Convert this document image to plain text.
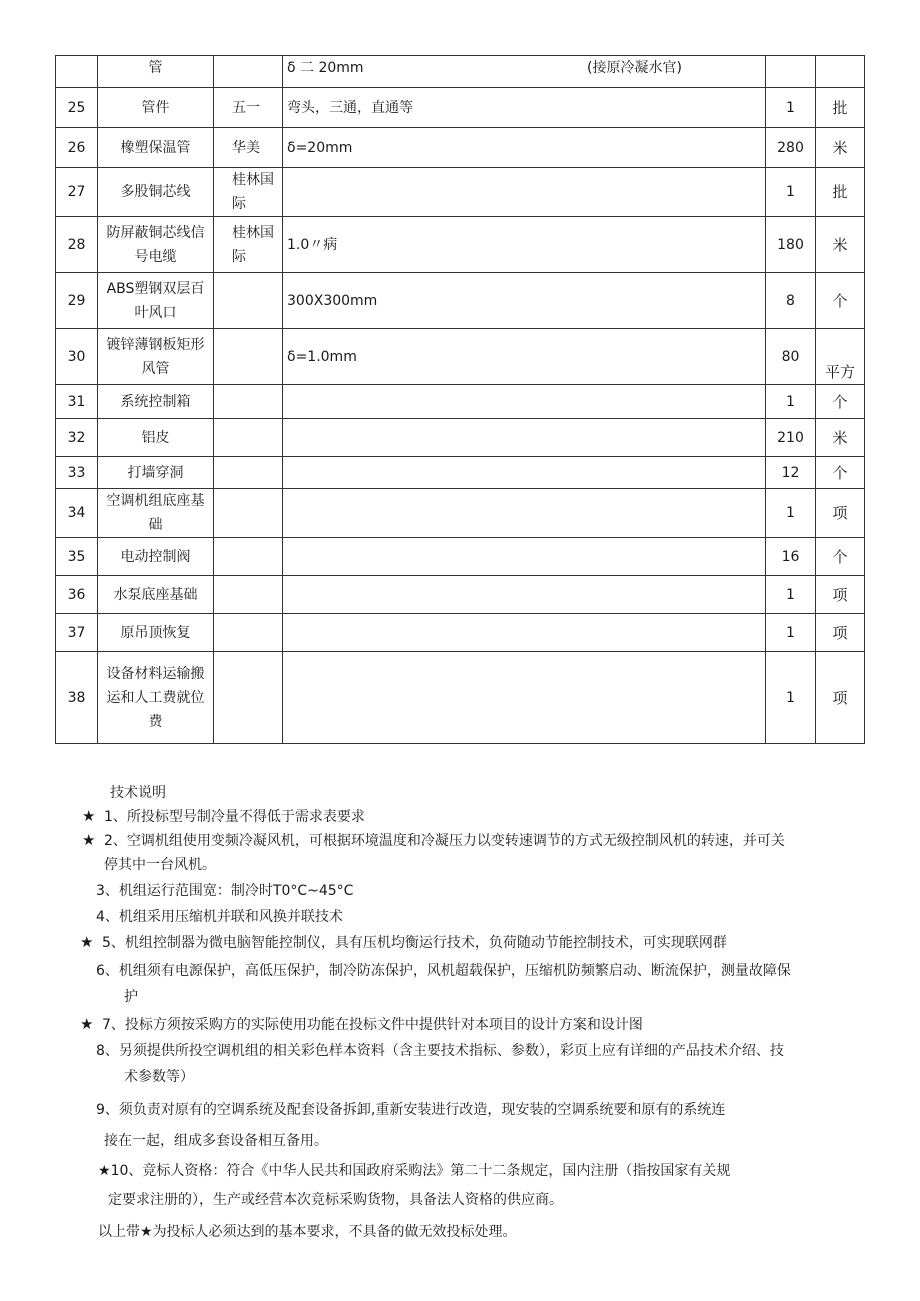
	管		δ 二 20mm (接原冷凝水官)		

25	管件	五一	弯头，三通，直通等	1	批
26	橡塑保温管	华美	δ=20mm	280	米
27	多股铜芯线	桂林国际		1	批
28	防屏蔽铜芯线信号电缆	桂林国际	1.0〃病	180	米
29	ABS塑钢双层百叶风口		300X300mm	8	个
30	镀锌薄钢板矩形风管		δ=1.0mm	80	平方
31	系统控制箱			1	个
32	铝皮			210	米
33	打墙穿洞			12	个
34	空调机组底座基础			1	项
35	电动控制阀			16	个
36	水泵底座基础			1	项
37	原吊顶恢复			1	项
38	设备材料运输搬运和人工费就位费			1	项

技术说明

★ 1、所投标型号制冷量不得低于需求表要求

★ 2、空调机组使用变频冷凝风机，可根据环境温度和冷凝压力以变转速调节的方式无级控制风机的转速，并可关

停其中一台风机。

3、机组运行范围宽：制冷时T0°C~45°C

4、机组采用压缩机并联和风换并联技术

★ 5、机组控制器为微电脑智能控制仪，具有压机均衡运行技术，负荷随动节能控制技术，可实现联网群

6、机组须有电源保护，高低压保护，制冷防冻保护，风机超载保护，压缩机防频繁启动、断流保护，测量故障保

护

★ 7、投标方须按采购方的实际使用功能在投标文件中提供针对本项目的设计方案和设计图

8、另须提供所投空调机组的相关彩色样本资料（含主要技术指标、参数），彩页上应有详细的产品技术介绍、技

术参数等）

9、须负责对原有的空调系统及配套设备拆卸,重新安装进行改造，现安装的空调系统要和原有的系统连

接在一起，组成多套设备相互备用。

★10、竞标人资格：符合《中华人民共和国政府采购法》第二十二条规定，国内注册（指按国家有关规

定要求注册的），生产或经营本次竞标采购货物，具备法人资格的供应商。

以上带★为投标人必须达到的基本要求，不具备的做无效投标处理。
